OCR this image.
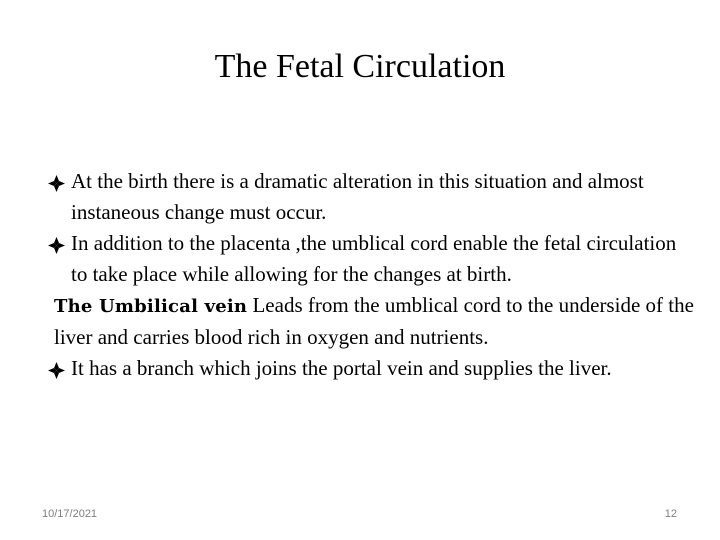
The Fetal Circulation

At the birth there is a dramatic alteration in this situation and almost instaneous change must occur.

In addition to the placenta ,the umblical cord enable the fetal circulation to take place while allowing for the changes at birth.

The Umbilical vein Leads from the umblical cord to the underside of the liver and carries blood rich in oxygen and nutrients.

It has a branch which joins the portal vein and supplies the liver.

10/17/2021	12
